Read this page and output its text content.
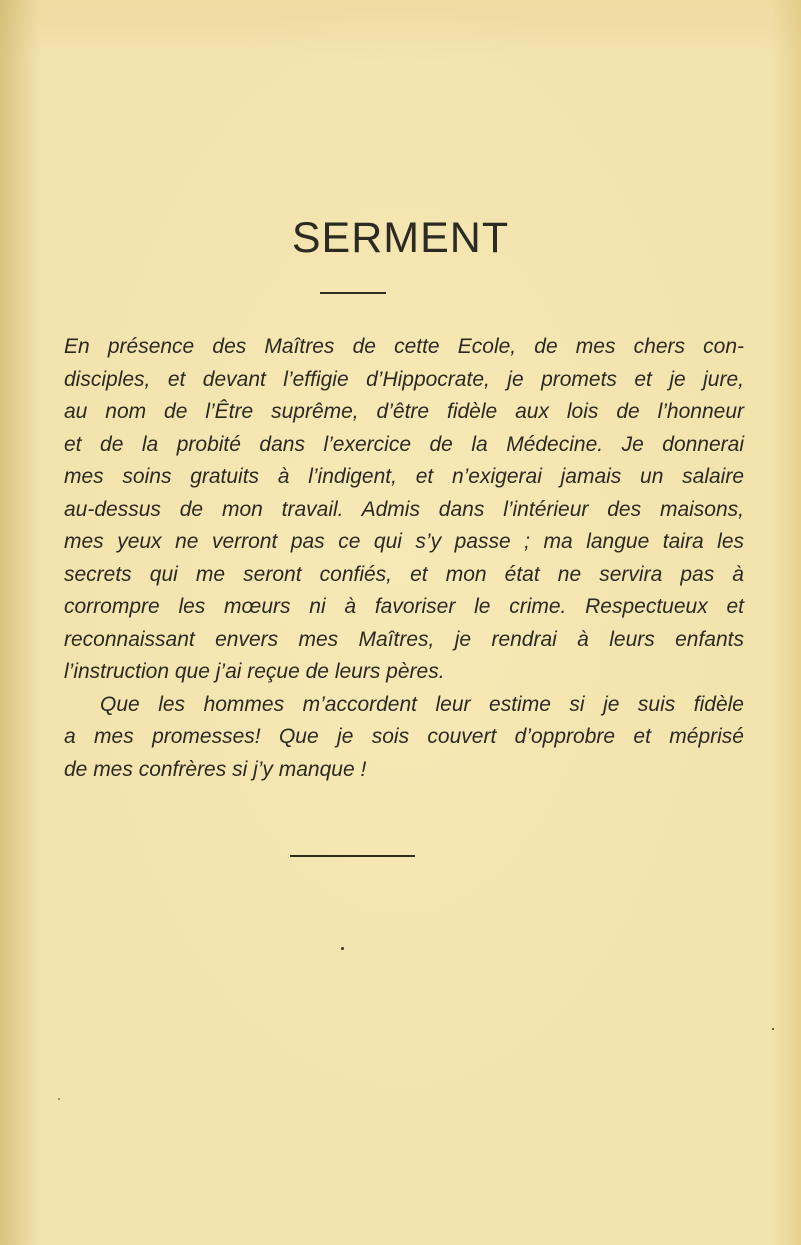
SERMENT
En présence des Maîtres de cette Ecole, de mes chers con-
disciples, et devant l’effigie d’Hippocrate, je promets et je jure,
au nom de l’Être suprême, d’être fidèle aux lois de l’honneur
et de la probité dans l’exercice de la Médecine. Je donnerai
mes soins gratuits à l’indigent, et n’exigerai jamais un salaire
au-dessus de mon travail. Admis dans l’intérieur des maisons,
mes yeux ne verront pas ce qui s’y passe ; ma langue taira les
secrets qui me seront confiés, et mon état ne servira pas à
corrompre les mœurs ni à favoriser le crime. Respectueux et
reconnaissant envers mes Maîtres, je rendrai à leurs enfants
l’instruction que j’ai reçue de leurs pères.
Que les hommes m’accordent leur estime si je suis fidèle
a mes promesses! Que je sois couvert d’opprobre et méprisé
de mes confrères si j’y manque !
